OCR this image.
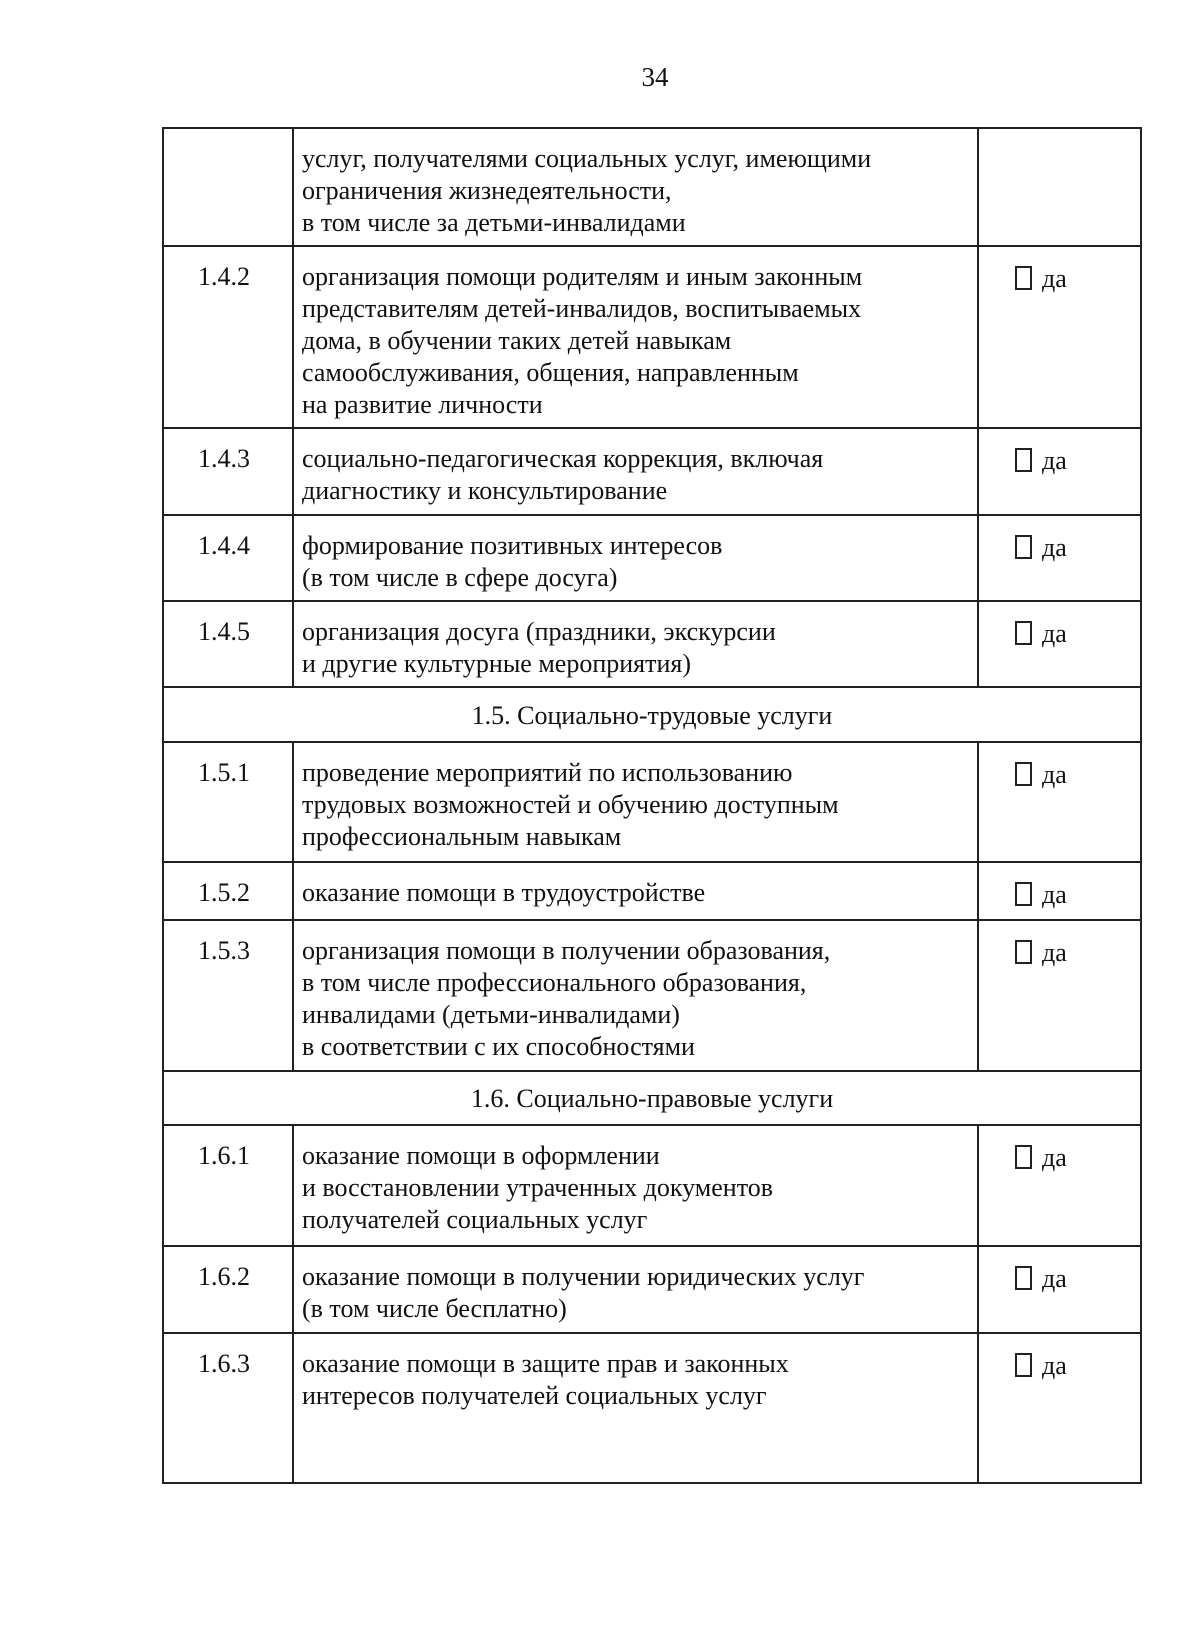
34
	услуг, получателями социальных услуг, имеющими
ограничения жизнедеятельности,
в том числе за детьми-инвалидами	
1.4.2	организация помощи родителям и иным законным
представителям детей-инвалидов, воспитываемых
дома, в обучении таких детей навыкам
самообслуживания, общения, направленным
на развитие личности	да
1.4.3	социально-педагогическая коррекция, включая
диагностику и консультирование	да
1.4.4	формирование позитивных интересов
(в том числе в сфере досуга)	да
1.4.5	организация досуга (праздники, экскурсии
и другие культурные мероприятия)	да
1.5. Социально-трудовые услуги		
1.5.1	проведение мероприятий по использованию
трудовых возможностей и обучению доступным
профессиональным навыкам	да
1.5.2	оказание помощи в трудоустройстве	да
1.5.3	организация помощи в получении образования,
в том числе профессионального образования,
инвалидами (детьми-инвалидами)
в соответствии с их способностями	да
1.6. Социально-правовые услуги		
1.6.1	оказание помощи в оформлении
и восстановлении утраченных документов
получателей социальных услуг	да
1.6.2	оказание помощи в получении юридических услуг
(в том числе бесплатно)	да
1.6.3	оказание помощи в защите прав и законных
интересов получателей социальных услуг	да
